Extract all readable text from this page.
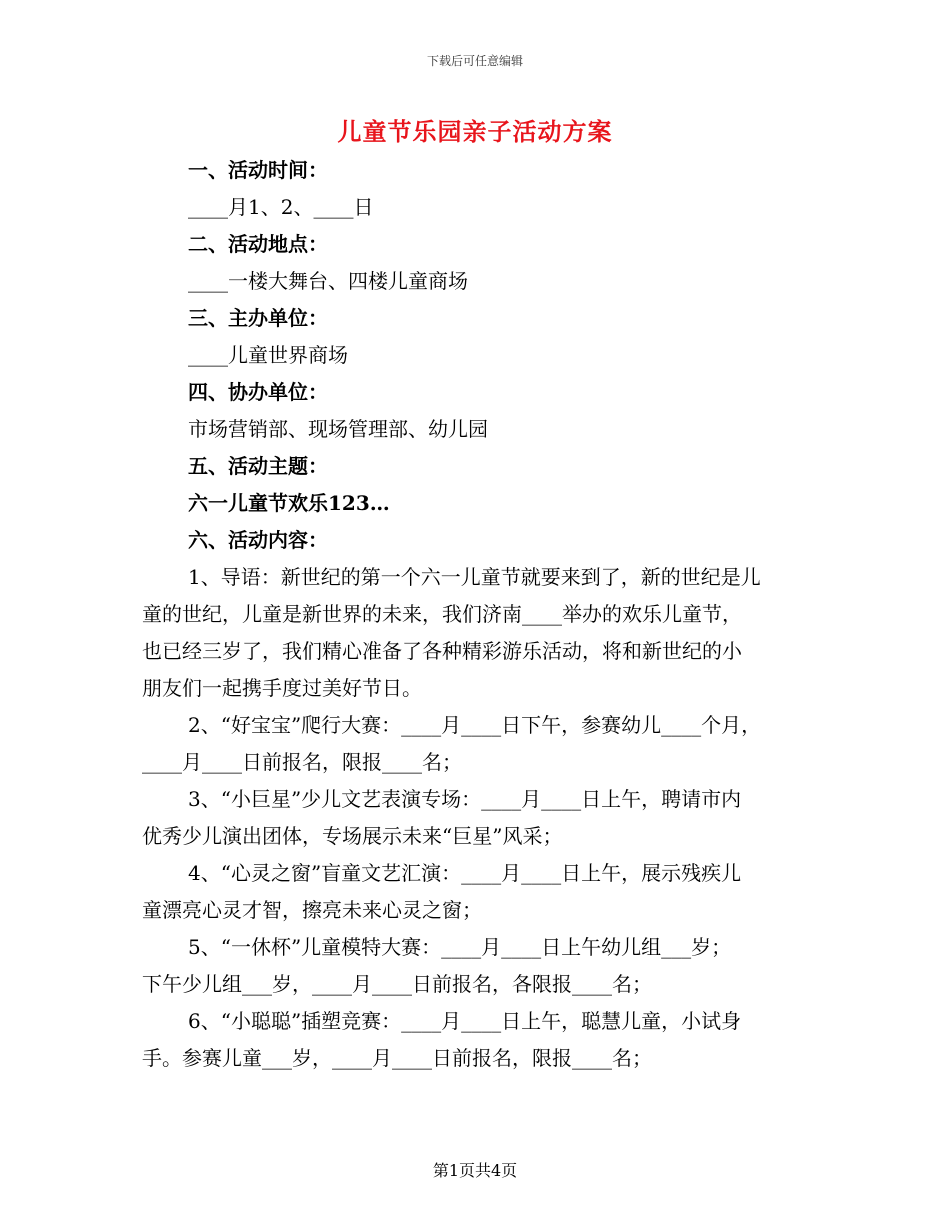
下载后可任意编辑
儿童节乐园亲子活动方案
一、活动时间：
____月1、2、____日
二、活动地点：
____一楼大舞台、四楼儿童商场
三、主办单位：
____儿童世界商场
四、协办单位：
市场营销部、现场管理部、幼儿园
五、活动主题：
六一儿童节欢乐123…
六、活动内容：
1、导语：新世纪的第一个六一儿童节就要来到了，新的世纪是儿
童的世纪，儿童是新世界的未来，我们济南____举办的欢乐儿童节，
也已经三岁了，我们精心准备了各种精彩游乐活动，将和新世纪的小
朋友们一起携手度过美好节日。
2、“好宝宝”爬行大赛：____月____日下午，参赛幼儿____个月，
____月____日前报名，限报____名；
3、“小巨星”少儿文艺表演专场：____月____日上午，聘请市内
优秀少儿演出团体，专场展示未来“巨星”风采；
4、“心灵之窗”盲童文艺汇演：____月____日上午，展示残疾儿
童漂亮心灵才智，擦亮未来心灵之窗；
5、“一休杯”儿童模特大赛：____月____日上午幼儿组___岁；
下午少儿组___岁，____月____日前报名，各限报____名；
6、“小聪聪”插塑竞赛：____月____日上午，聪慧儿童，小试身
手。参赛儿童___岁，____月____日前报名，限报____名；
第1页共4页
